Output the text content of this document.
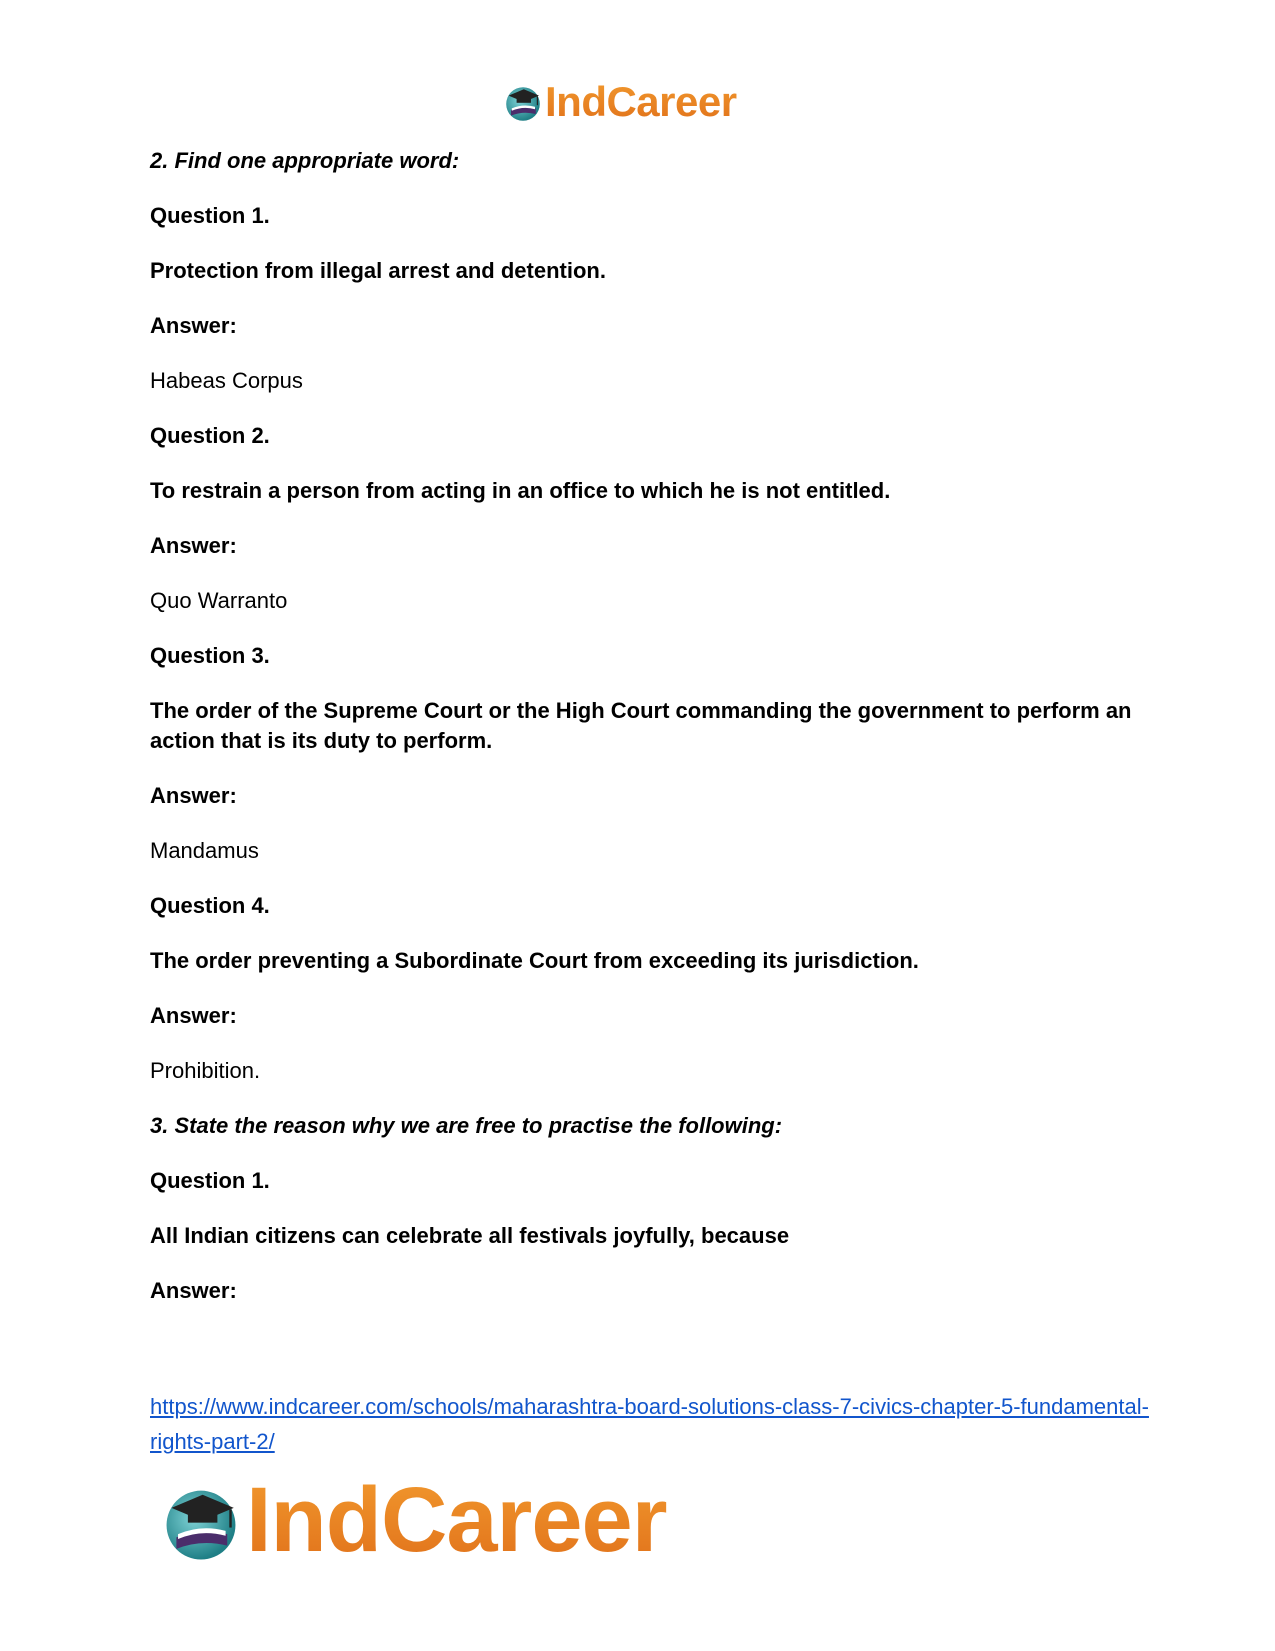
IndCareer
2. Find one appropriate word:
Question 1.
Protection from illegal arrest and detention.
Answer:
Habeas Corpus
Question 2.
To restrain a person from acting in an office to which he is not entitled.
Answer:
Quo Warranto
Question 3.
The order of the Supreme Court or the High Court commanding the government to perform an action that is its duty to perform.
Answer:
Mandamus
Question 4.
The order preventing a Subordinate Court from exceeding its jurisdiction.
Answer:
Prohibition.
3. State the reason why we are free to practise the following:
Question 1.
All Indian citizens can celebrate all festivals joyfully, because
Answer:
https://www.indcareer.com/schools/maharashtra-board-solutions-class-7-civics-chapter-5-fundamental-rights-part-2/
IndCareer
